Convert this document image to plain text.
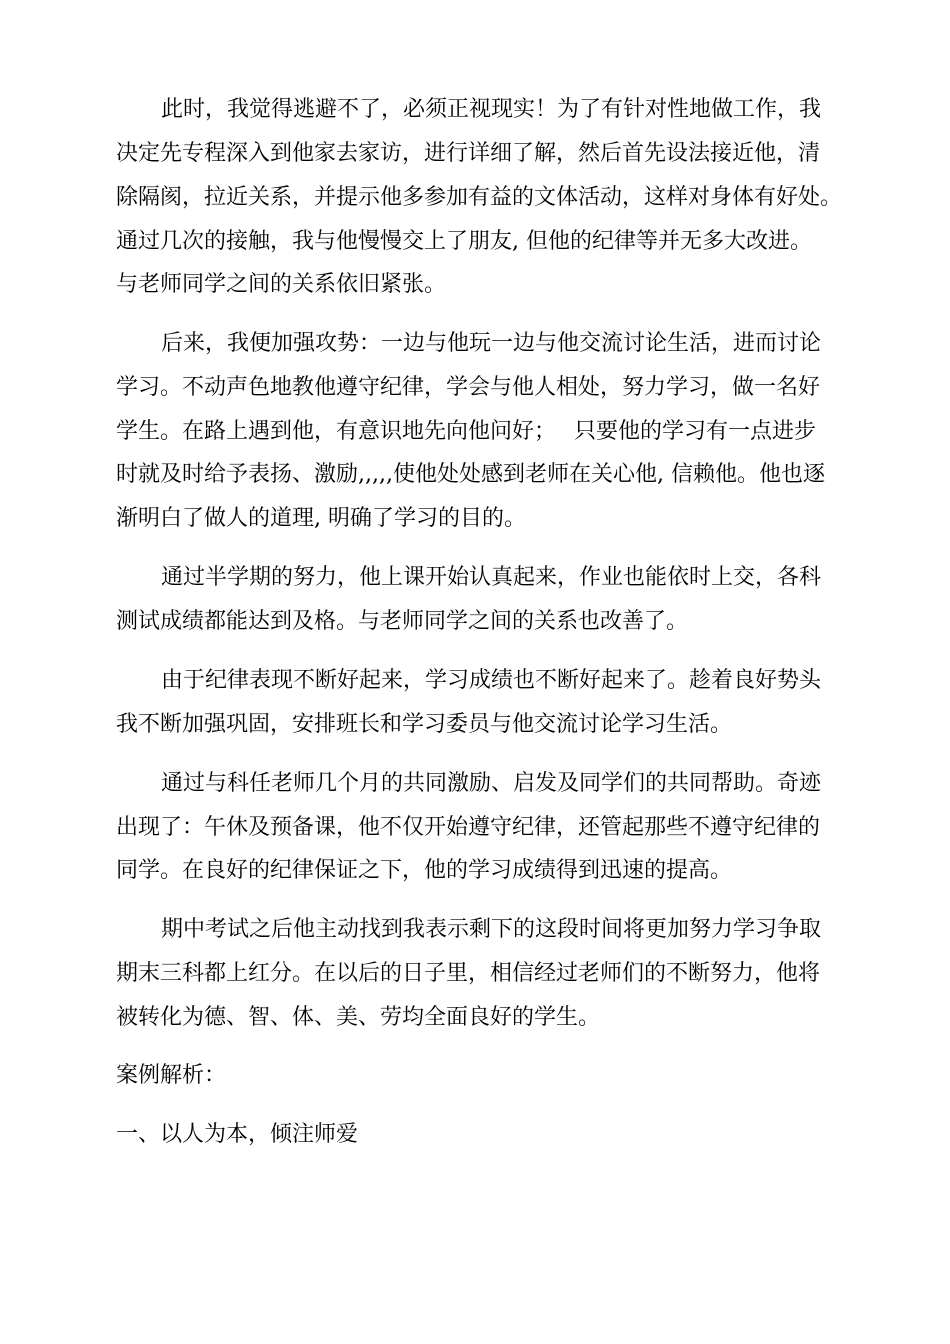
此时，我觉得逃避不了，必须正视现实！为了有针对性地做工作，我
决定先专程深入到他家去家访，进行详细了解，然后首先设法接近他，清
除隔阂，拉近关系，并提示他多参加有益的文体活动，这样对身体有好处。
通过几次的接触，我与他慢慢交上了朋友, 但他的纪律等并无多大改进。
与老师同学之间的关系依旧紧张。
后来，我便加强攻势：一边与他玩一边与他交流讨论生活，进而讨论
学习。不动声色地教他遵守纪律，学会与他人相处，努力学习，做一名好
学生。在路上遇到他，有意识地先向他问好；　 只要他的学习有一点进步
时就及时给予表扬、激励,,,,,使他处处感到老师在关心他, 信赖他。他也逐
渐明白了做人的道理, 明确了学习的目的。
通过半学期的努力，他上课开始认真起来，作业也能依时上交，各科
测试成绩都能达到及格。与老师同学之间的关系也改善了。
由于纪律表现不断好起来，学习成绩也不断好起来了。趁着良好势头
我不断加强巩固，安排班长和学习委员与他交流讨论学习生活。
通过与科任老师几个月的共同激励、启发及同学们的共同帮助。奇迹
出现了：午休及预备课，他不仅开始遵守纪律，还管起那些不遵守纪律的
同学。在良好的纪律保证之下，他的学习成绩得到迅速的提高。
期中考试之后他主动找到我表示剩下的这段时间将更加努力学习争取
期末三科都上红分。在以后的日子里，相信经过老师们的不断努力，他将
被转化为德、智、体、美、劳均全面良好的学生。
案例解析：
一、以人为本，倾注师爱
